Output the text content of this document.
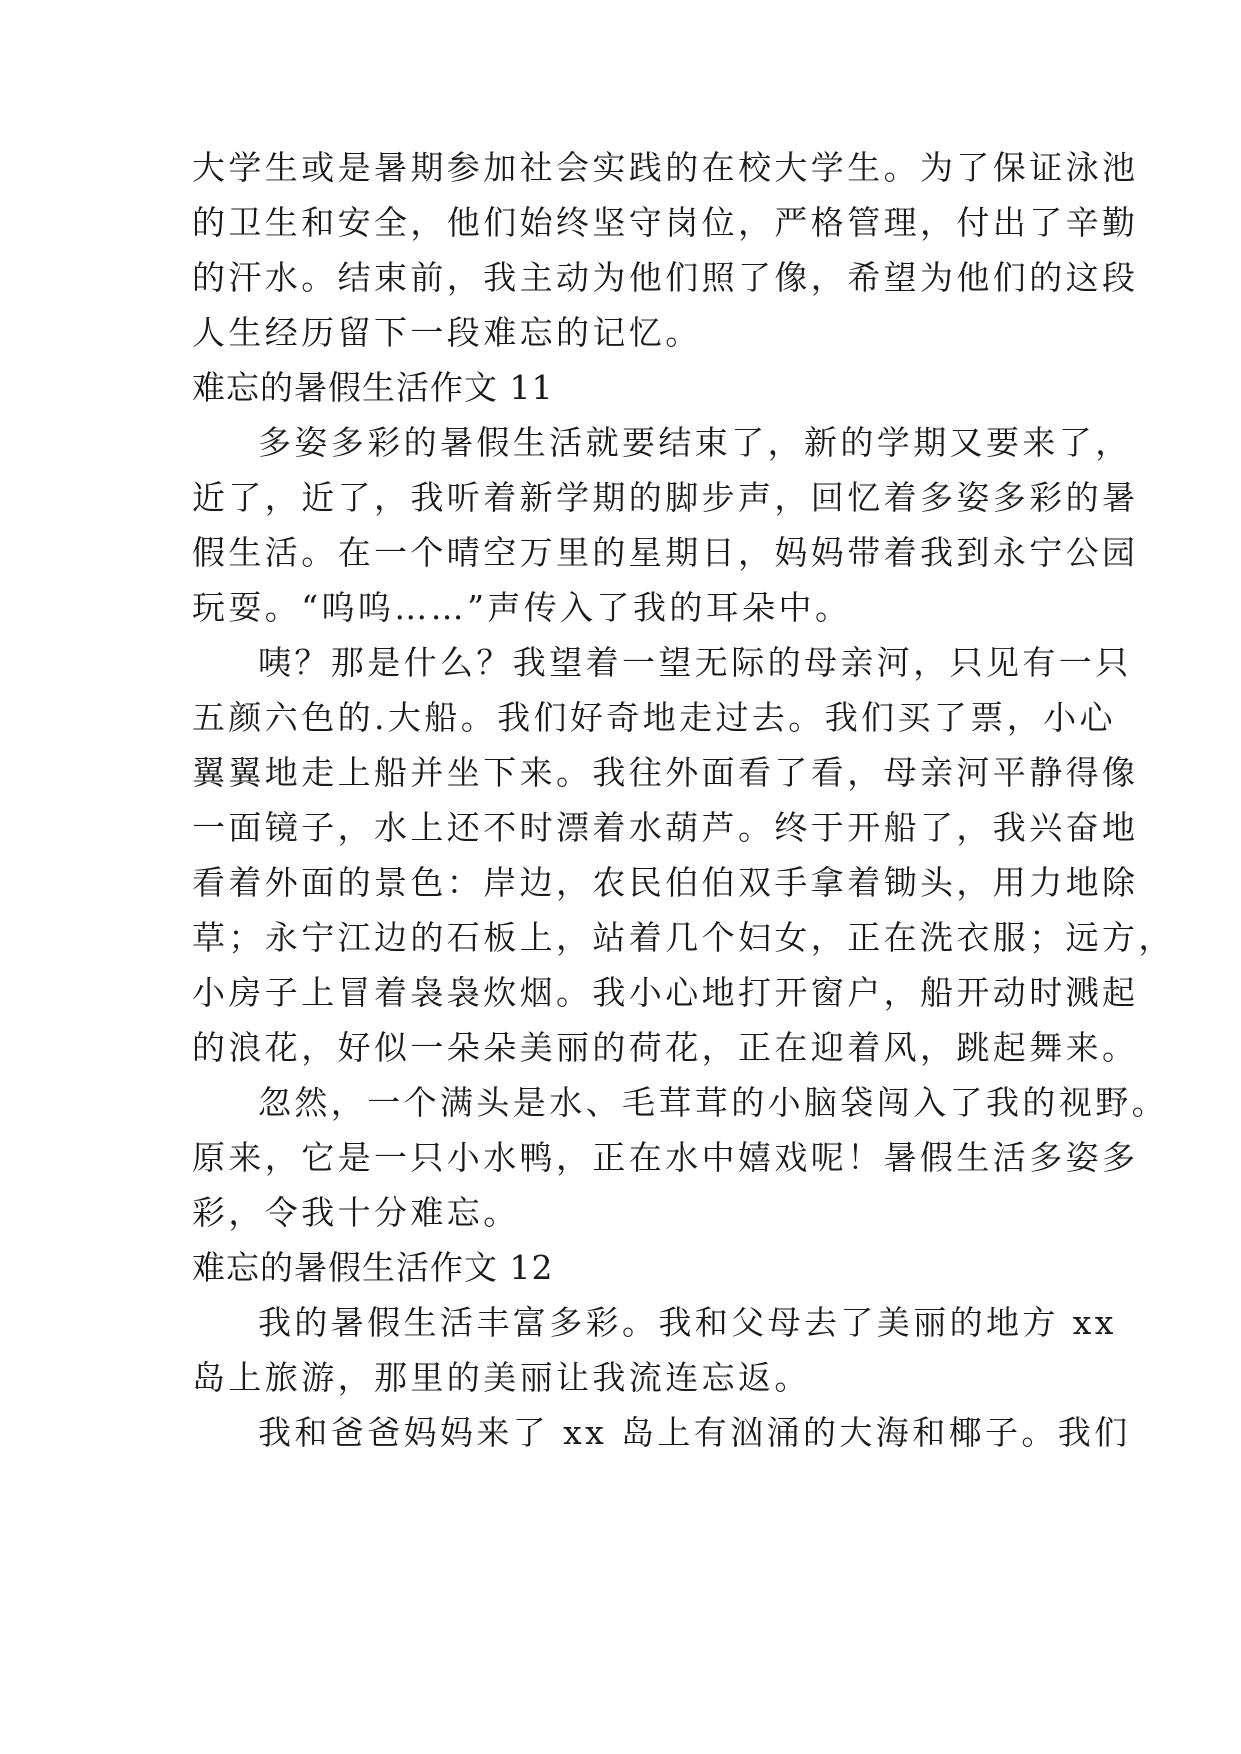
大学生或是暑期参加社会实践的在校大学生。为了保证泳池
的卫生和安全，他们始终坚守岗位，严格管理，付出了辛勤
的汗水。结束前，我主动为他们照了像，希望为他们的这段
人生经历留下一段难忘的记忆。
难忘的暑假生活作文 11
多姿多彩的暑假生活就要结束了，新的学期又要来了，
近了，近了，我听着新学期的脚步声，回忆着多姿多彩的暑
假生活。在一个晴空万里的星期日，妈妈带着我到永宁公园
玩耍。“呜呜……”声传入了我的耳朵中。
咦？那是什么？我望着一望无际的母亲河，只见有一只
五颜六色的.大船。我们好奇地走过去。我们买了票，小心
翼翼地走上船并坐下来。我往外面看了看，母亲河平静得像
一面镜子，水上还不时漂着水葫芦。终于开船了，我兴奋地
看着外面的景色：岸边，农民伯伯双手拿着锄头，用力地除
草；永宁江边的石板上，站着几个妇女，正在洗衣服；远方，
小房子上冒着袅袅炊烟。我小心地打开窗户，船开动时溅起
的浪花，好似一朵朵美丽的荷花，正在迎着风，跳起舞来。
忽然，一个满头是水、毛茸茸的小脑袋闯入了我的视野。
原来，它是一只小水鸭，正在水中嬉戏呢！暑假生活多姿多
彩，令我十分难忘。
难忘的暑假生活作文 12
我的暑假生活丰富多彩。我和父母去了美丽的地方 xx
岛上旅游，那里的美丽让我流连忘返。
我和爸爸妈妈来了 xx 岛上有汹涌的大海和椰子。我们
